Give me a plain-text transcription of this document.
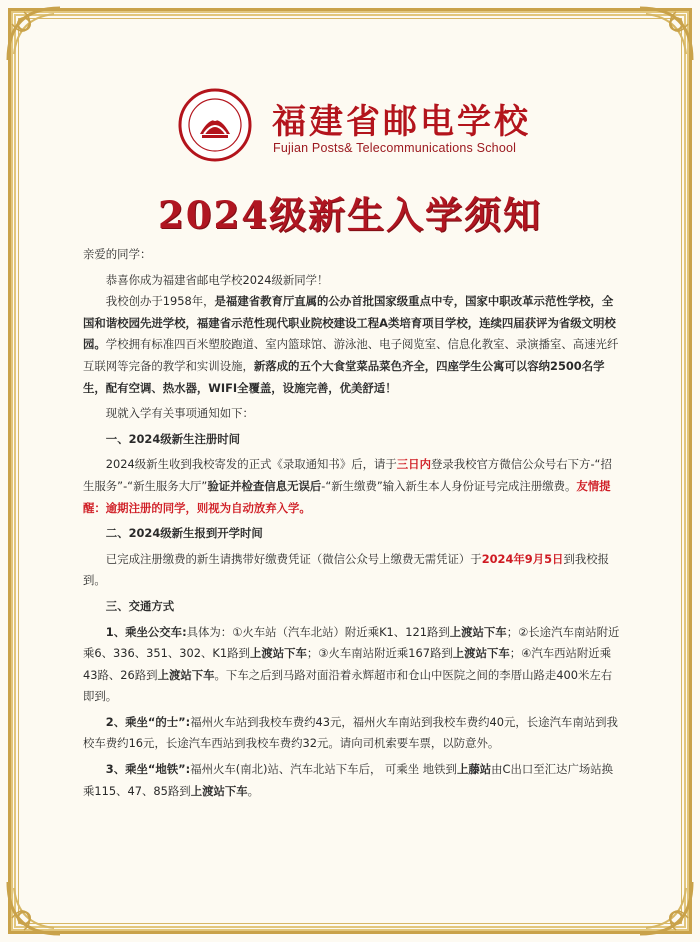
福建省邮电学校
Fujian Posts& Telecommunications School
2024级新生入学须知

亲爱的同学：

恭喜你成为福建省邮电学校2024级新同学！

我校创办于1958年，是福建省教育厅直属的公办首批国家级重点中专，国家中职改革示范性学校，全国和谐校园先进学校，福建省示范性现代职业院校建设工程A类培育项目学校，连续四届获评为省级文明校园。学校拥有标准四百米塑胶跑道、室内篮球馆、游泳池、电子阅览室、信息化教室、录演播室、高速光纤互联网等完备的教学和实训设施，新落成的五个大食堂菜品菜色齐全，四座学生公寓可以容纳2500名学生，配有空调、热水器，WIFI全覆盖，设施完善，优美舒适！

现就入学有关事项通知如下：

一、2024级新生注册时间

2024级新生收到我校寄发的正式《录取通知书》后，请于三日内登录我校官方微信公众号右下方-“招生服务”-“新生服务大厅”验证并检查信息无误后-“新生缴费”输入新生本人身份证号完成注册缴费。友情提醒：逾期注册的同学，则视为自动放弃入学。

二、2024级新生报到开学时间

已完成注册缴费的新生请携带好缴费凭证（微信公众号上缴费无需凭证）于2024年9月5日到我校报到。

三、交通方式

1、乘坐公交车:具体为：①火车站（汽车北站）附近乘K1、121路到上渡站下车；②长途汽车南站附近乘6、336、351、302、K1路到上渡站下车；③火车南站附近乘167路到上渡站下车；④汽车西站附近乘43路、26路到上渡站下车。下车之后到马路对面沿着永辉超市和仓山中医院之间的李厝山路走400米左右即到。

2、乘坐“的士”:福州火车站到我校车费约43元，福州火车南站到我校车费约40元，长途汽车南站到我校车费约16元，长途汽车西站到我校车费约32元。请向司机索要车票，以防意外。

3、乘坐“地铁”:福州火车(南北)站、汽车北站下车后， 可乘坐 地铁到上藤站由C出口至汇达广场站换乘115、47、85路到上渡站下车。
